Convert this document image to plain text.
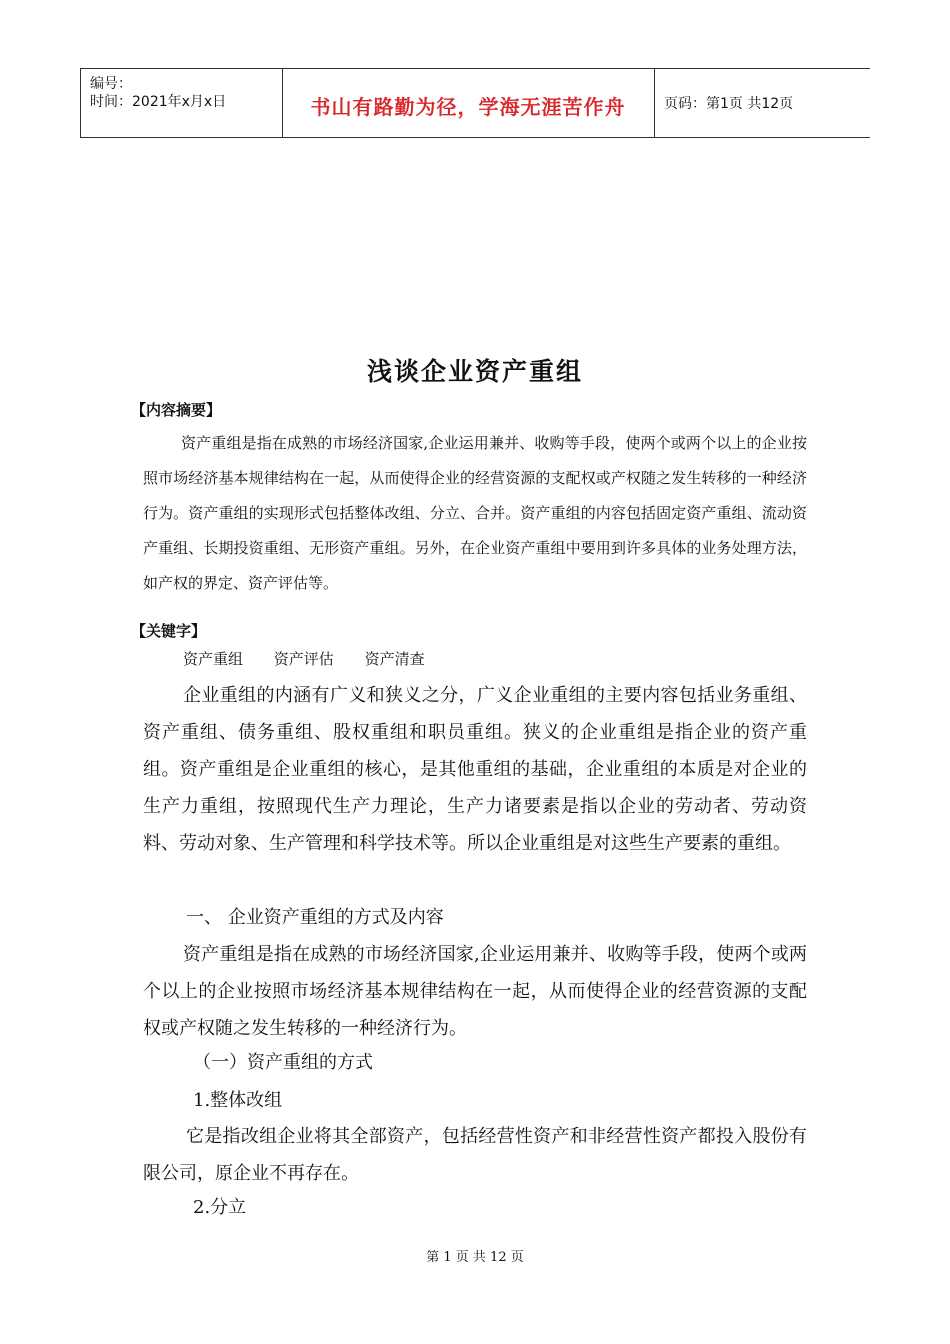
编号：
时间：2021年x月x日	书山有路勤为径，学海无涯苦作舟	页码：第1页 共12页
浅谈企业资产重组
【内容摘要】
资产重组是指在成熟的市场经济国家,企业运用兼并、收购等手段，使两个或两个以上的企业按照市场经济基本规律结构在一起，从而使得企业的经营资源的支配权或产权随之发生转移的一种经济行为。资产重组的实现形式包括整体改组、分立、合并。资产重组的内容包括固定资产重组、流动资产重组、长期投资重组、无形资产重组。另外，在企业资产重组中要用到许多具体的业务处理方法，如产权的界定、资产评估等。
【关键字】
资产重组 资产评估 资产清查
企业重组的内涵有广义和狭义之分，广义企业重组的主要内容包括业务重组、资产重组、债务重组、股权重组和职员重组。狭义的企业重组是指企业的资产重组。资产重组是企业重组的核心，是其他重组的基础，企业重组的本质是对企业的生产力重组，按照现代生产力理论，生产力诸要素是指以企业的劳动者、劳动资料、劳动对象、生产管理和科学技术等。所以企业重组是对这些生产要素的重组。
一、 企业资产重组的方式及内容
资产重组是指在成熟的市场经济国家,企业运用兼并、收购等手段，使两个或两个以上的企业按照市场经济基本规律结构在一起，从而使得企业的经营资源的支配权或产权随之发生转移的一种经济行为。
（一）资产重组的方式
1.整体改组
它是指改组企业将其全部资产，包括经营性资产和非经营性资产都投入股份有限公司，原企业不再存在。
2.分立
第 1 页 共 12 页
